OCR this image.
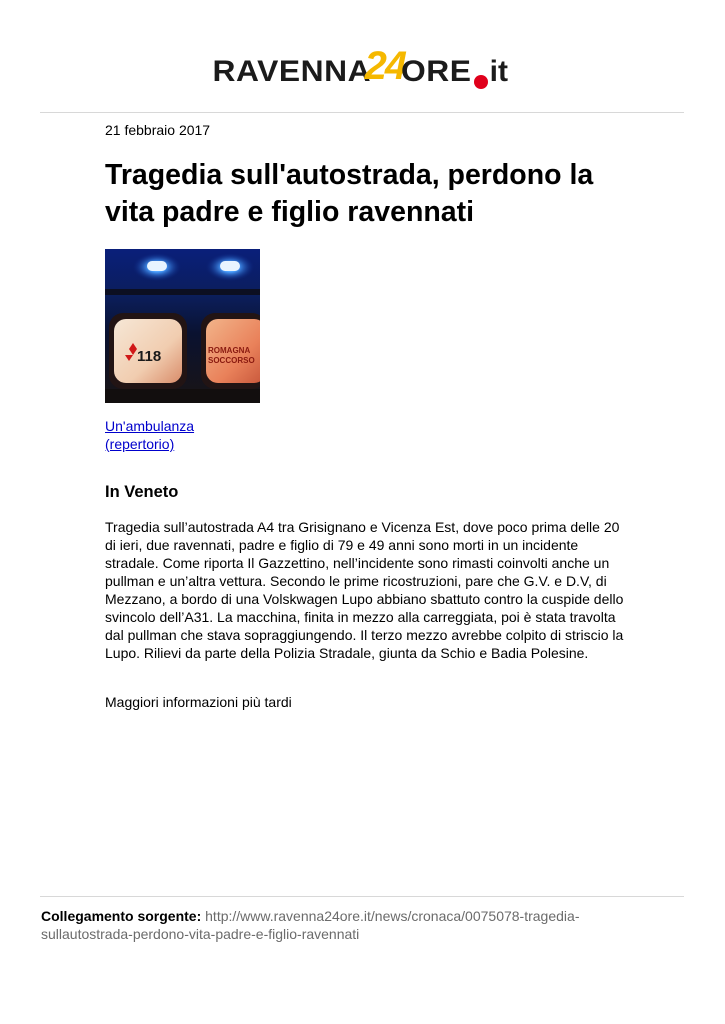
RAVENNA24ORE it
21 febbraio 2017
Tragedia sull'autostrada, perdono la vita padre e figlio ravennati
118	ROMAGNA
SOCCORSO
Un'ambulanza
(repertorio)
In Veneto

Tragedia sull’autostrada A4 tra Grisignano e Vicenza Est, dove poco prima delle 20 di ieri, due ravennati, padre e figlio di 79 e 49 anni sono morti in un incidente stradale. Come riporta Il Gazzettino, nell’incidente sono rimasti coinvolti anche un pullman e un’altra vettura. Secondo le prime ricostruzioni, pare che G.V. e D.V, di Mezzano, a bordo di una Volskwagen Lupo abbiano sbattuto contro la cuspide dello svincolo dell’A31. La macchina, finita in mezzo alla carreggiata, poi è stata travolta dal pullman che stava sopraggiungendo. Il terzo mezzo avrebbe colpito di striscio la Lupo. Rilievi da parte della Polizia Stradale, giunta da Schio e Badia Polesine.

Maggiori informazioni più tardi

Collegamento sorgente: http://www.ravenna24ore.it/news/cronaca/0075078-tragedia-sullautostrada-perdono-vita-padre-e-figlio-ravennati
